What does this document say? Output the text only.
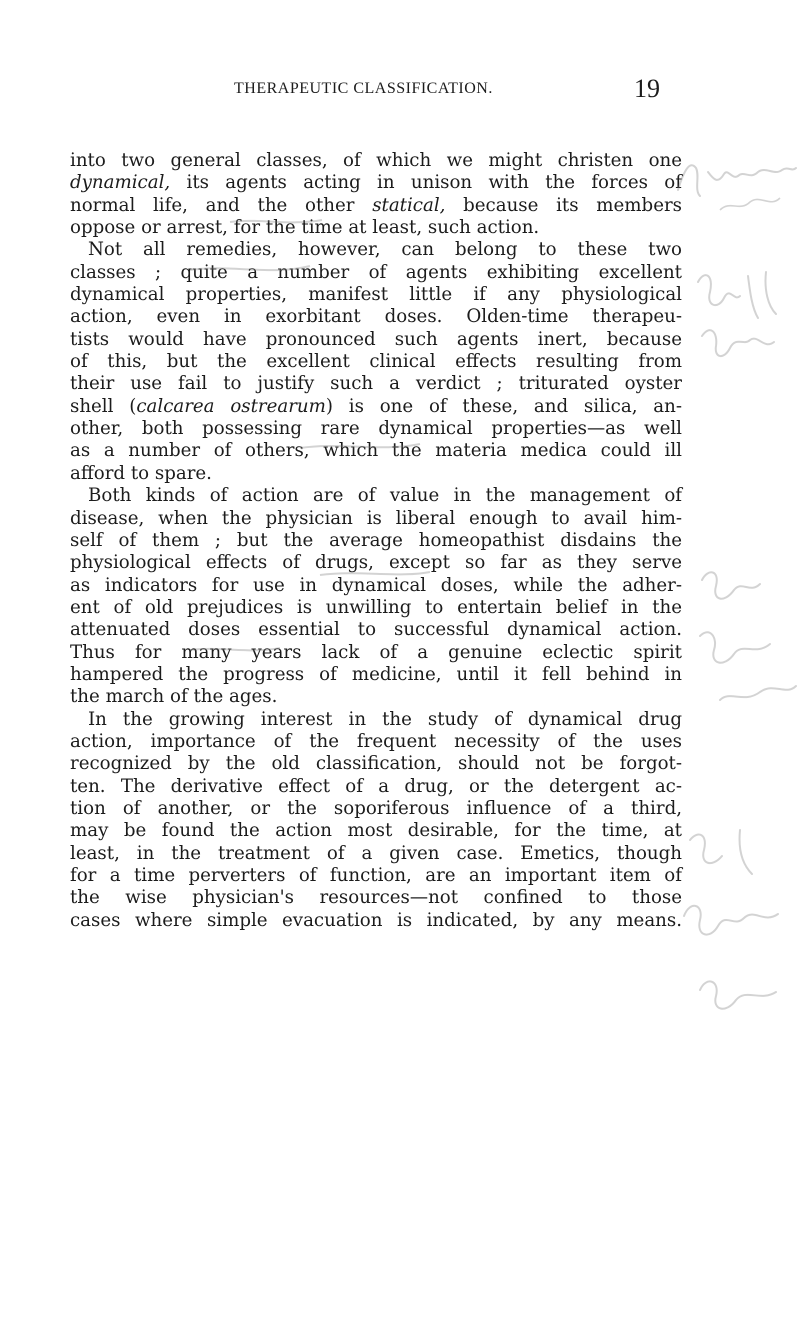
THERAPEUTIC CLASSIFICATION.	19
into two general classes, of which we might christen one
dynamical, its agents acting in unison with the forces of
normal life, and the other statical, because its members
oppose or arrest, for the time at least, such action.
Not all remedies, however, can belong to these two
classes ; quite a number of agents exhibiting excellent
dynamical properties, manifest little if any physiological
action, even in exorbitant doses. Olden-time therapeu-
tists would have pronounced such agents inert, because
of this, but the excellent clinical effects resulting from
their use fail to justify such a verdict ; triturated oyster
shell (calcarea ostrearum) is one of these, and silica, an-
other, both possessing rare dynamical properties—as well
as a number of others, which the materia medica could ill
afford to spare.
Both kinds of action are of value in the management of
disease, when the physician is liberal enough to avail him-
self of them ; but the average homeopathist disdains the
physiological effects of drugs, except so far as they serve
as indicators for use in dynamical doses, while the adher-
ent of old prejudices is unwilling to entertain belief in the
attenuated doses essential to successful dynamical action.
Thus for many years lack of a genuine eclectic spirit
hampered the progress of medicine, until it fell behind in
the march of the ages.
In the growing interest in the study of dynamical drug
action, importance of the frequent necessity of the uses
recognized by the old classification, should not be forgot-
ten. The derivative effect of a drug, or the detergent ac-
tion of another, or the soporiferous influence of a third,
may be found the action most desirable, for the time, at
least, in the treatment of a given case. Emetics, though
for a time perverters of function, are an important item of
the wise physician's resources—not confined to those
cases where simple evacuation is indicated, by any means.
